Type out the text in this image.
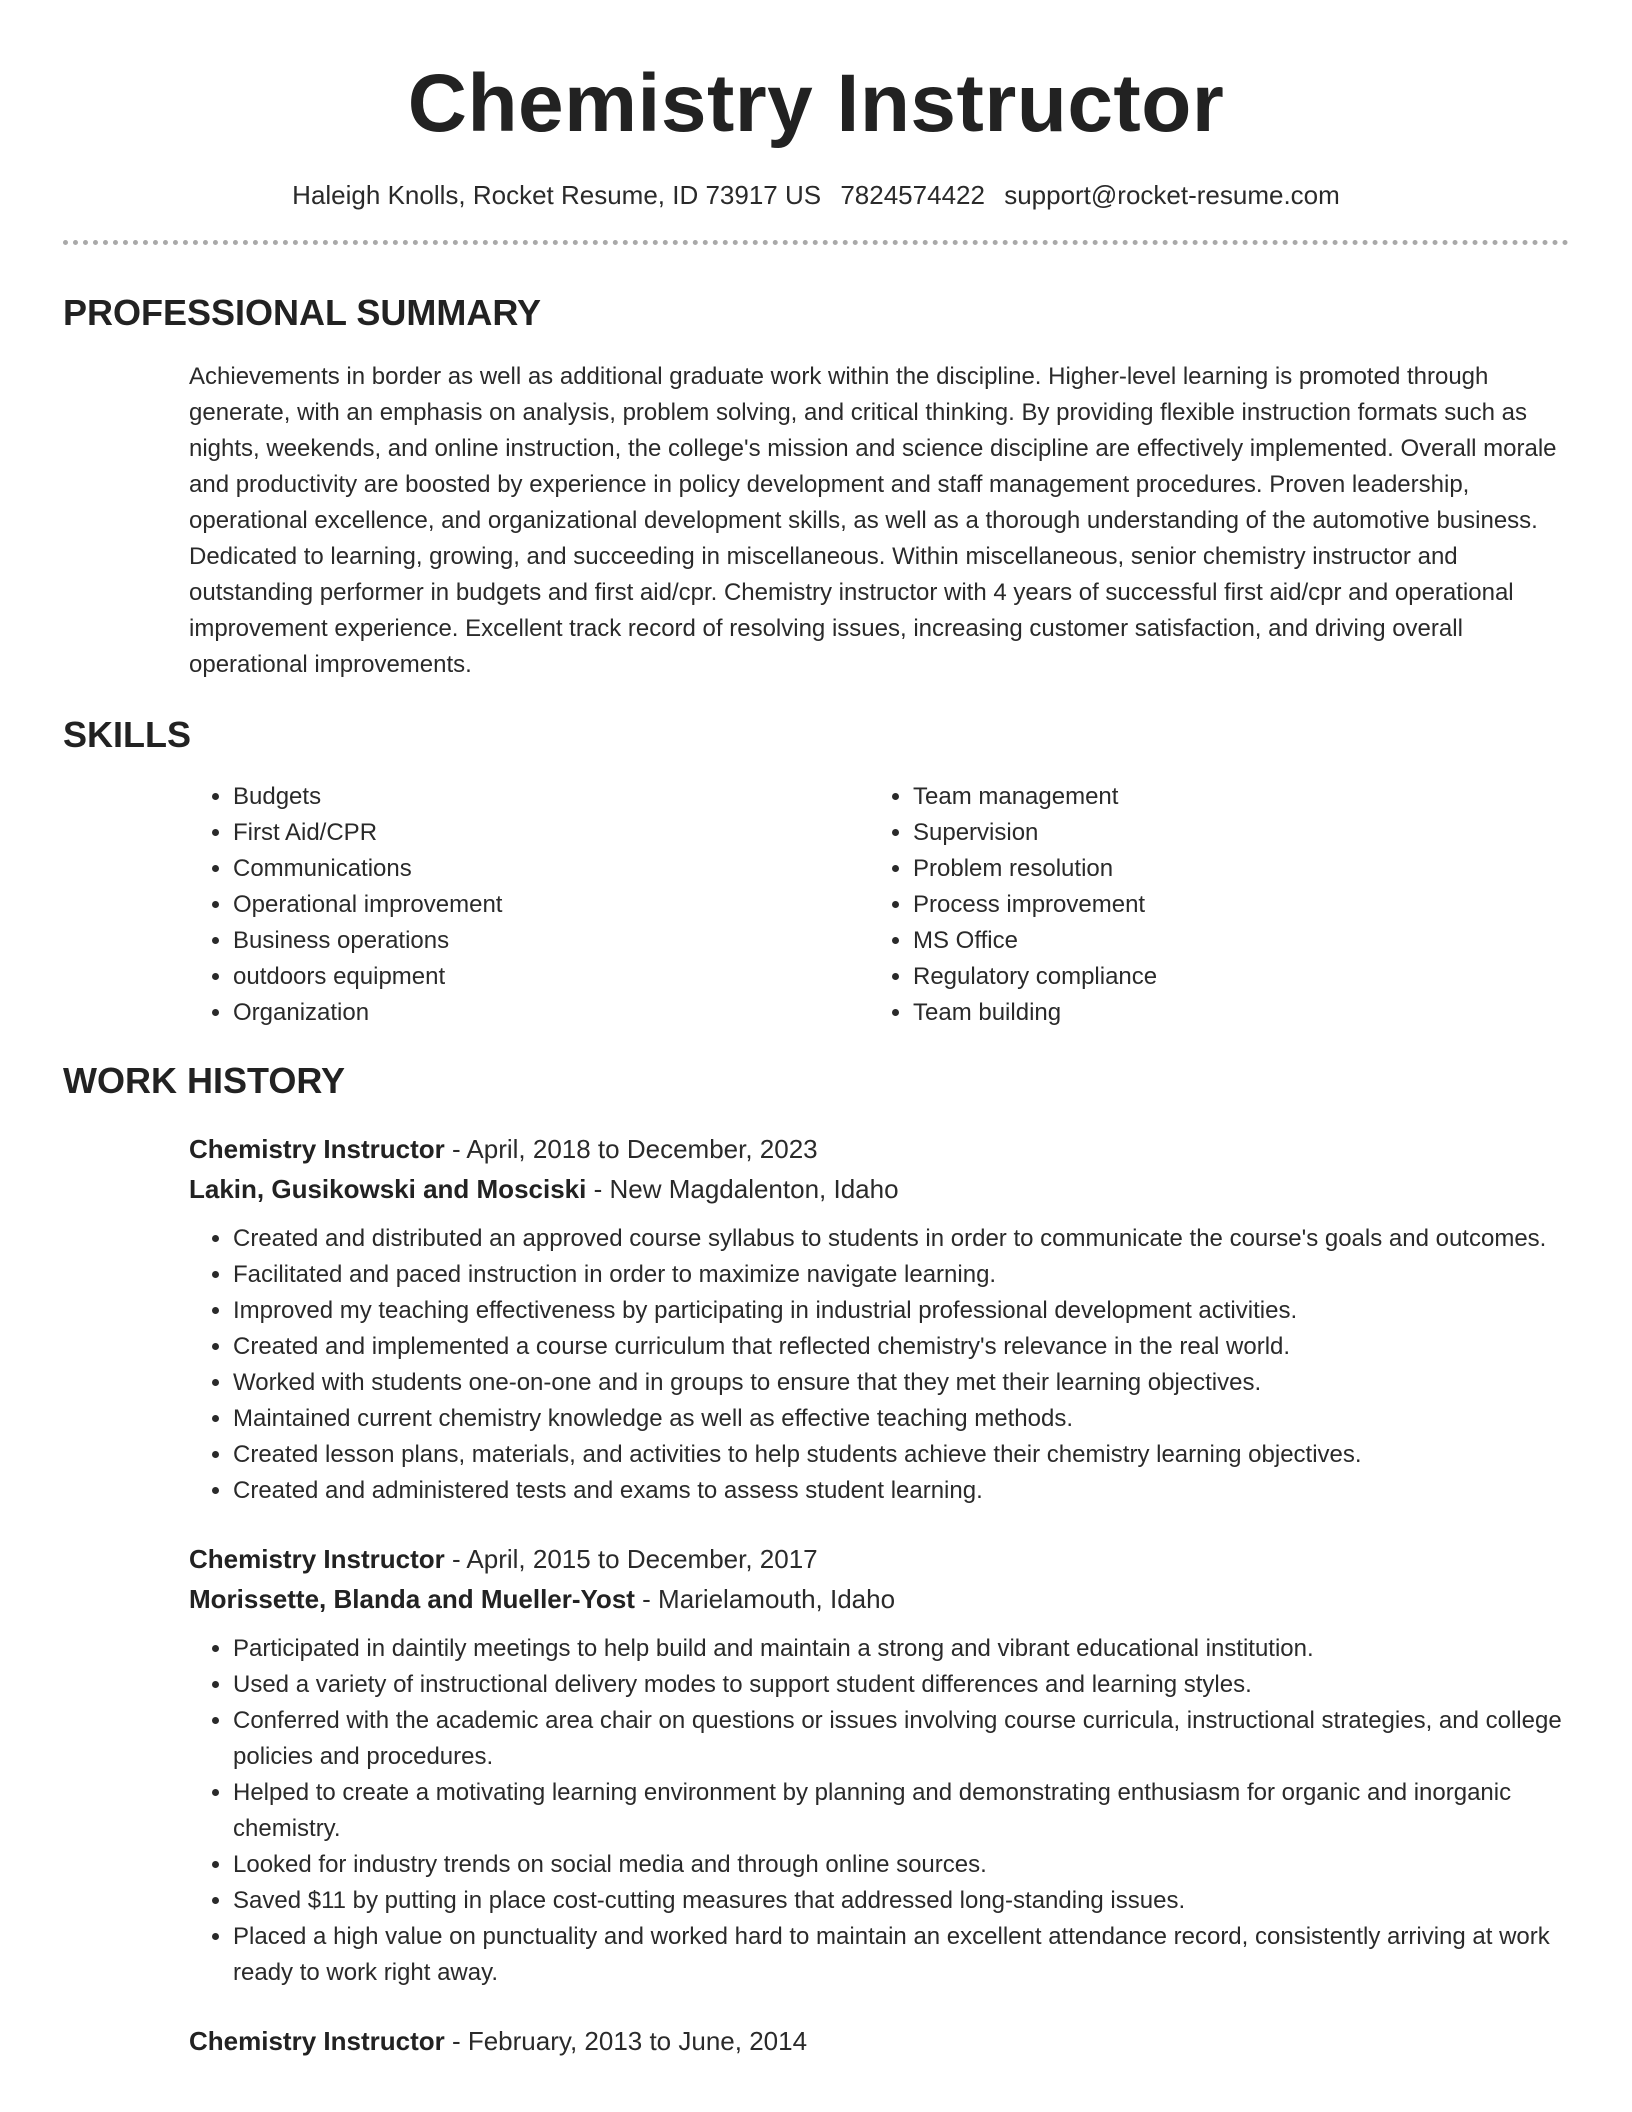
Chemistry Instructor
Haleigh Knolls, Rocket Resume, ID 73917 US 7824574422 support@rocket-resume.com
PROFESSIONAL SUMMARY
Achievements in border as well as additional graduate work within the discipline. Higher-level learning is promoted through generate, with an emphasis on analysis, problem solving, and critical thinking. By providing flexible instruction formats such as nights, weekends, and online instruction, the college's mission and science discipline are effectively implemented. Overall morale and productivity are boosted by experience in policy development and staff management procedures. Proven leadership, operational excellence, and organizational development skills, as well as a thorough understanding of the automotive business. Dedicated to learning, growing, and succeeding in miscellaneous. Within miscellaneous, senior chemistry instructor and outstanding performer in budgets and first aid/cpr. Chemistry instructor with 4 years of successful first aid/cpr and operational improvement experience. Excellent track record of resolving issues, increasing customer satisfaction, and driving overall operational improvements.
SKILLS
• Budgets
• First Aid/CPR
• Communications
• Operational improvement
• Business operations
• outdoors equipment
• Organization
• Team management
• Supervision
• Problem resolution
• Process improvement
• MS Office
• Regulatory compliance
• Team building
WORK HISTORY
Chemistry Instructor - April, 2018 to December, 2023
Lakin, Gusikowski and Mosciski - New Magdalenton, Idaho
• Created and distributed an approved course syllabus to students in order to communicate the course's goals and outcomes.
• Facilitated and paced instruction in order to maximize navigate learning.
• Improved my teaching effectiveness by participating in industrial professional development activities.
• Created and implemented a course curriculum that reflected chemistry's relevance in the real world.
• Worked with students one-on-one and in groups to ensure that they met their learning objectives.
• Maintained current chemistry knowledge as well as effective teaching methods.
• Created lesson plans, materials, and activities to help students achieve their chemistry learning objectives.
• Created and administered tests and exams to assess student learning.
Chemistry Instructor - April, 2015 to December, 2017
Morissette, Blanda and Mueller-Yost - Marielamouth, Idaho
• Participated in daintily meetings to help build and maintain a strong and vibrant educational institution.
• Used a variety of instructional delivery modes to support student differences and learning styles.
• Conferred with the academic area chair on questions or issues involving course curricula, instructional strategies, and college policies and procedures.
• Helped to create a motivating learning environment by planning and demonstrating enthusiasm for organic and inorganic chemistry.
• Looked for industry trends on social media and through online sources.
• Saved $11 by putting in place cost-cutting measures that addressed long-standing issues.
• Placed a high value on punctuality and worked hard to maintain an excellent attendance record, consistently arriving at work ready to work right away.
Chemistry Instructor - February, 2013 to June, 2014
